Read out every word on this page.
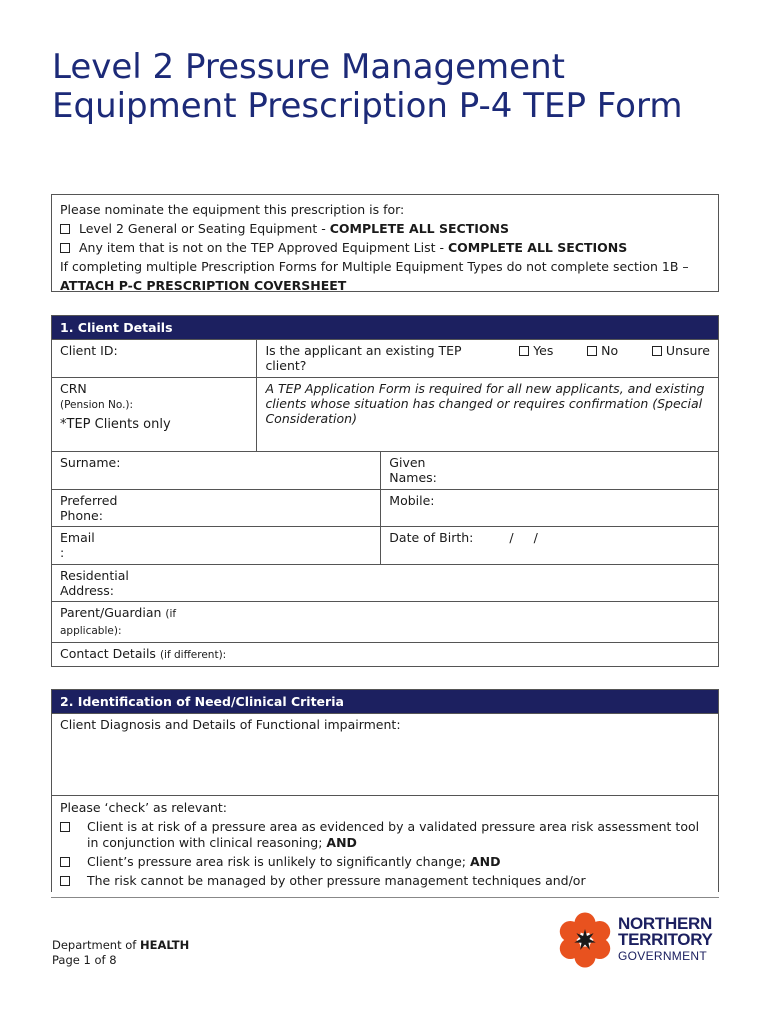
Level 2 Pressure Management Equipment Prescription P-4 TEP Form
Please nominate the equipment this prescription is for:
Level 2 General or Seating Equipment - COMPLETE ALL SECTIONS
Any item that is not on the TEP Approved Equipment List - COMPLETE ALL SECTIONS
If completing multiple Prescription Forms for Multiple Equipment Types do not complete section 1B – ATTACH P-C PRESCRIPTION COVERSHEET
1. Client Details		
Client ID:	Is the applicant an existing TEP client?
Yes No Unsure	

CRN
(Pension No.):
*TEP Clients only	A TEP Application Form is required for all new applicants, and existing clients whose situation has changed or requires confirmation (Special Consideration)	
Surname:		Given Names:

Preferred Phone:		Mobile:

Email
:		Date of Birth: / /

Residential Address:		

Parent/Guardian (if applicable):		

Contact Details (if different):		
2. Identification of Need/Clinical Criteria
Client Diagnosis and Details of Functional impairment:

Please ‘check’ as relevant:
Client is at risk of a pressure area as evidenced by a validated pressure area risk assessment tool in conjunction with clinical reasoning; AND
Client’s pressure area risk is unlikely to significantly change; AND
The risk cannot be managed by other pressure management techniques and/or
Department of HEALTH
Page 1 of 8
NORTHERN
TERRITORY
GOVERNMENT
